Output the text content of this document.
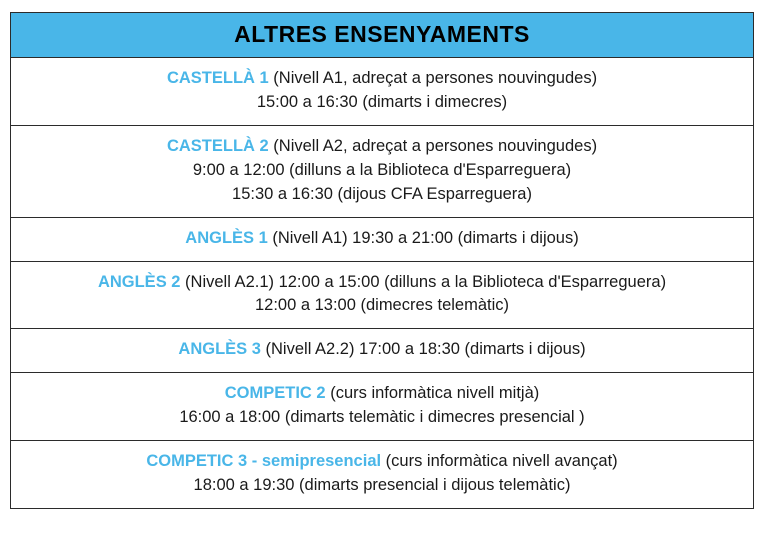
ALTRES ENSENYAMENTS
CASTELLÀ 1 (Nivell A1, adreçat a persones nouvingudes)
15:00 a 16:30 (dimarts i dimecres)
CASTELLÀ 2 (Nivell A2, adreçat a persones nouvingudes)
9:00 a 12:00 (dilluns a la Biblioteca d'Esparreguera)
15:30 a 16:30 (dijous CFA Esparreguera)
ANGLÈS 1 (Nivell A1) 19:30 a 21:00 (dimarts i dijous)
ANGLÈS 2 (Nivell A2.1) 12:00 a 15:00 (dilluns a la Biblioteca d'Esparreguera)
12:00 a 13:00 (dimecres telemàtic)
ANGLÈS 3 (Nivell A2.2) 17:00 a 18:30 (dimarts i dijous)
COMPETIC 2 (curs informàtica nivell mitjà)
16:00 a 18:00 (dimarts telemàtic i dimecres presencial )
COMPETIC 3 - semipresencial (curs informàtica nivell avançat)
18:00 a 19:30 (dimarts presencial i dijous telemàtic)
